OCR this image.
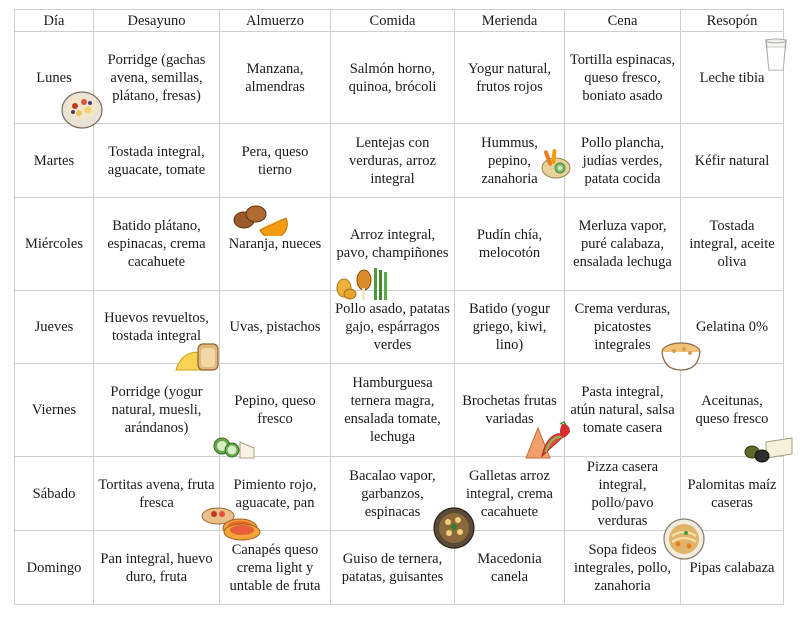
Día	Desayuno	Almuerzo	Comida	Merienda	Cena	Resopón
Lunes	Porridge (gachas avena, semillas, plátano, fresas)	Manzana, almendras	Salmón horno, quinoa, brócoli	Yogur natural, frutos rojos	Tortilla espinacas, queso fresco, boniato asado	Leche tibia
Martes	Tostada integral, aguacate, tomate	Pera, queso tierno	Lentejas con verduras, arroz integral	Hummus, pepino, zanahoria	Pollo plancha, judías verdes, patata cocida	Kéfir natural
Miércoles	Batido plátano, espinacas, crema cacahuete	Naranja, nueces	Arroz integral, pavo, champiñones	Pudín chía, melocotón	Merluza vapor, puré calabaza, ensalada lechuga	Tostada integral, aceite oliva
Jueves	Huevos revueltos, tostada integral	Uvas, pistachos	Pollo asado, patatas gajo, espárragos verdes	Batido (yogur griego, kiwi, lino)	Crema verduras, picatostes integrales	Gelatina 0%
Viernes	Porridge (yogur natural, muesli, arándanos)	Pepino, queso fresco	Hamburguesa ternera magra, ensalada tomate, lechuga	Brochetas frutas variadas	Pasta integral, atún natural, salsa tomate casera	Aceitunas, queso fresco
Sábado	Tortitas avena, fruta fresca	Pimiento rojo, aguacate, pan	Bacalao vapor, garbanzos, espinacas	Galletas arroz integral, crema cacahuete	Pizza casera integral, pollo/pavo verduras	Palomitas maíz caseras
Domingo	Pan integral, huevo duro, fruta	Canapés queso crema light y untable de fruta	Guiso de ternera, patatas, guisantes	Macedonia canela	Sopa fideos integrales, pollo, zanahoria	Pipas calabaza
